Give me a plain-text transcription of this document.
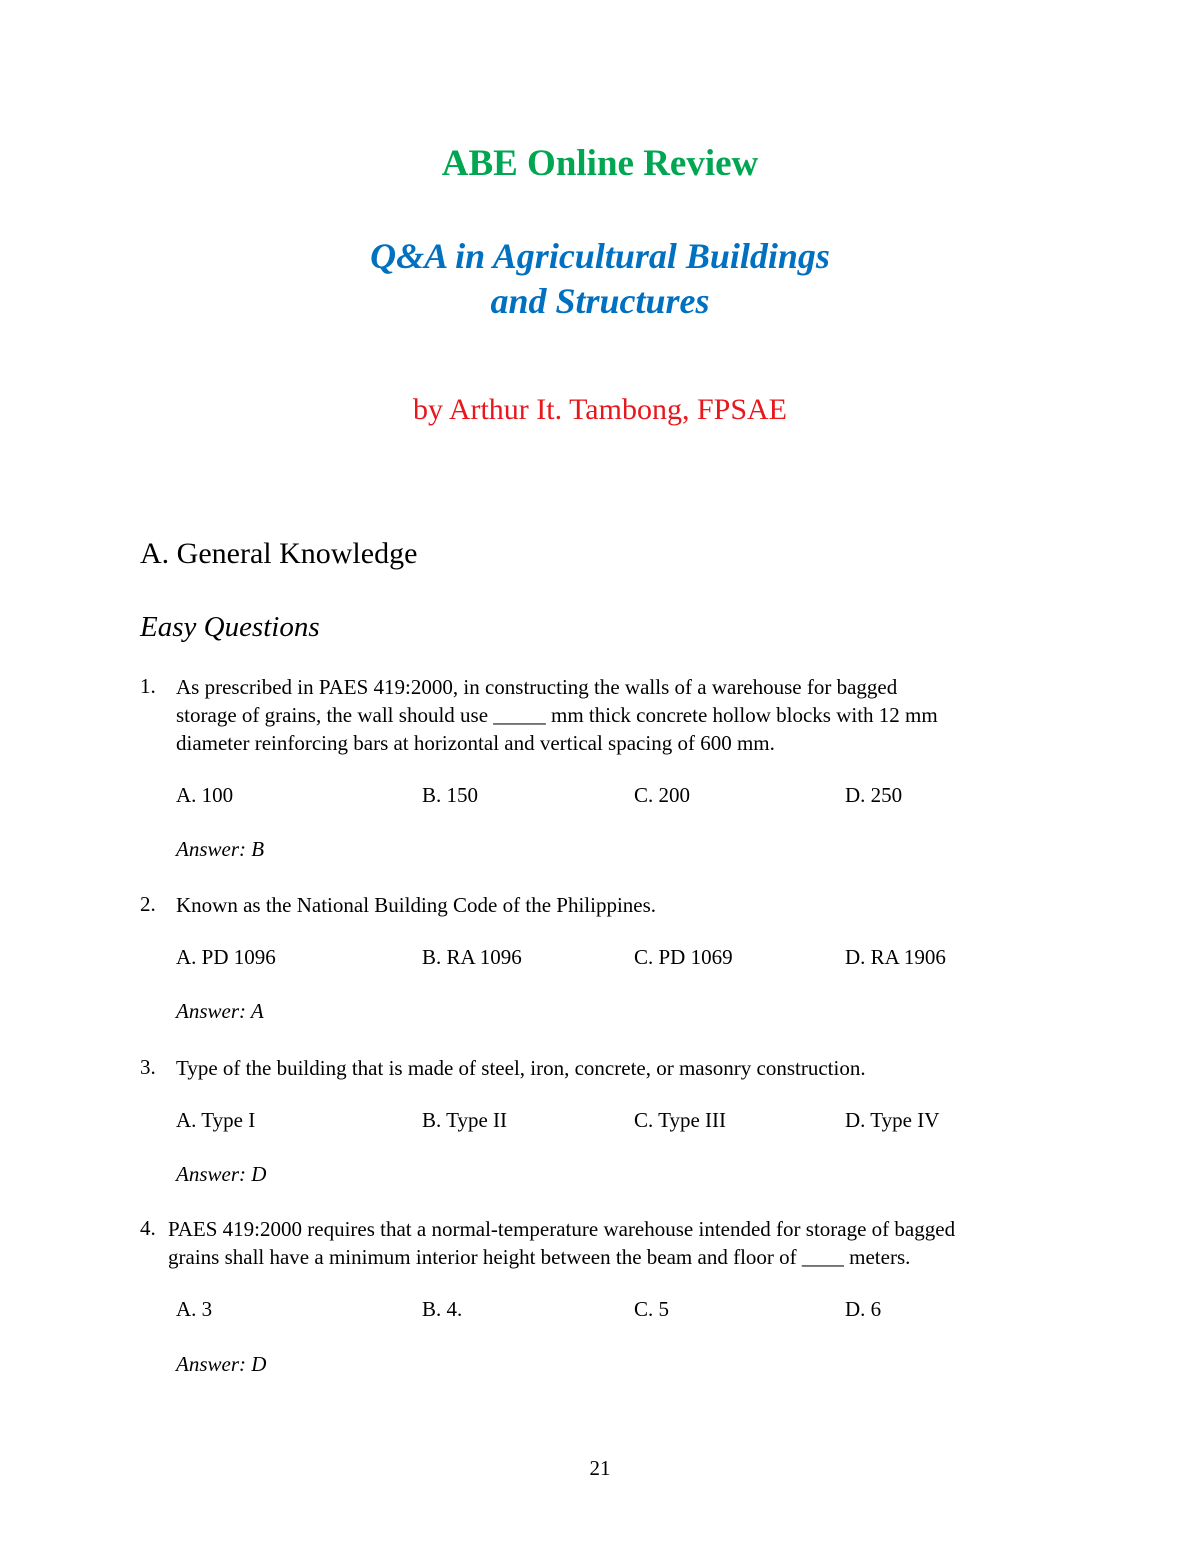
ABE Online Review
Q&A in Agricultural Buildings
and Structures
by Arthur It. Tambong, FPSAE
A. General Knowledge
Easy Questions
1. As prescribed in PAES 419:2000, in constructing the walls of a warehouse for bagged
storage of grains, the wall should use _____ mm thick concrete hollow blocks with 12 mm
diameter reinforcing bars at horizontal and vertical spacing of 600 mm.
A. 100	B. 150	C. 200	D. 250
Answer: B
2. Known as the National Building Code of the Philippines.
A. PD 1096	B. RA 1096	C. PD 1069	D. RA 1906
Answer: A
3. Type of the building that is made of steel, iron, concrete, or masonry construction.
A. Type I	B. Type II	C. Type III	D. Type IV
Answer: D
4. PAES 419:2000 requires that a normal-temperature warehouse intended for storage of bagged
grains shall have a minimum interior height between the beam and floor of ____ meters.
A. 3	B. 4.	C. 5	D. 6
Answer: D
21
